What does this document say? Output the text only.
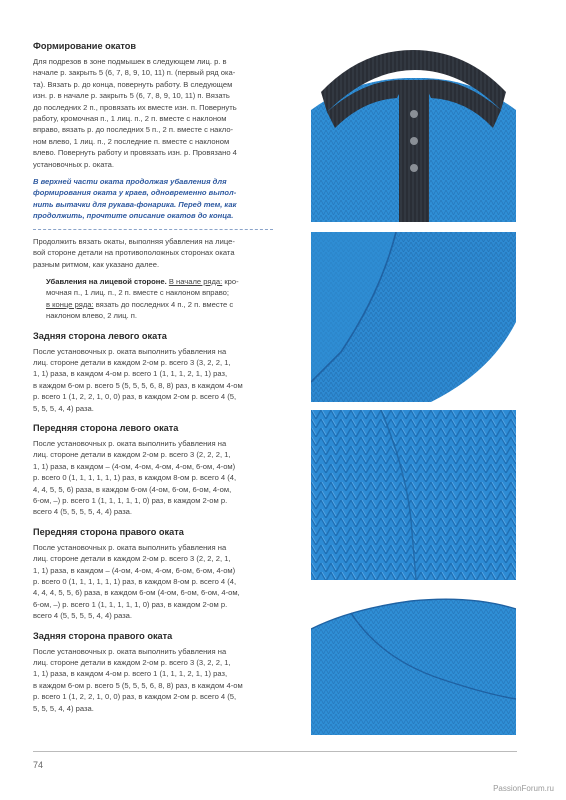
Формирование окатов

Для подрезов в зоне подмышек в следующем лиц. р. в
начале р. закрыть 5 (6, 7, 8, 9, 10, 11) п. (первый ряд ока-
та). Вязать р. до конца, повернуть работу. В следующем
изн. р. в начале р. закрыть 5 (6, 7, 8, 9, 10, 11) п. Вязать
до последних 2 п., провязать их вместе изн. п. Повернуть
работу, кромочная п., 1 лиц. п., 2 п. вместе с наклоном
вправо, вязать р. до последних 5 п., 2 п. вместе с накло-
ном влево, 1 лиц. п., 2 последние п. вместе с наклоном
влево. Повернуть работу и провязать изн. р. Провязано 4
установочных р. оката.

В верхней части оката продолжая убавления для
формирования оката у краев, одновременно выпол-
нить вытачки для рукава-фонарика. Перед тем, как
продолжить, прочтите описание окатов до конца.

Продолжить вязать окаты, выполняя убавления на лице-
вой стороне детали на противоположных сторонах оката
разным ритмом, как указано далее.

Убавления на лицевой стороне. В начале ряда: кро-
мочная п., 1 лиц. п., 2 п. вместе с наклоном вправо;
в конце ряда: вязать до последних 4 п., 2 п. вместе с
наклоном влево, 2 лиц. п.
Задняя сторона левого оката

После установочных р. оката выполнить убавления на
лиц. стороне детали в каждом 2-ом р. всего 3 (3, 2, 2, 1,
1, 1) раза, в каждом 4-ом р. всего 1 (1, 1, 1, 2, 1, 1) раз,
в каждом 6-ом р. всего 5 (5, 5, 5, 6, 8, 8) раз, в каждом 4-ом
р. всего 1 (1, 2, 2, 1, 0, 0) раз, в каждом 2-ом р. всего 4 (5,
5, 5, 5, 4, 4) раза.

Передняя сторона левого оката

После установочных р. оката выполнить убавления на
лиц. стороне детали в каждом 2-ом р. всего 3 (2, 2, 2, 1,
1, 1) раза, в каждом – (4-ом, 4-ом, 4-ом, 4-ом, 6-ом, 4-ом)
р. всего 0 (1, 1, 1, 1, 1, 1) раз, в каждом 8-ом р. всего 4 (4,
4, 4, 5, 5, 6) раза, в каждом 6-ом (4-ом, 6-ом, 6-ом, 4-ом,
6-ом, –) р. всего 1 (1, 1, 1, 1, 1, 0) раз, в каждом 2-ом р.
всего 4 (5, 5, 5, 5, 4, 4) раза.

Передняя сторона правого оката

После установочных р. оката выполнить убавления на
лиц. стороне детали в каждом 2-ом р. всего 3 (2, 2, 2, 1,
1, 1) раза, в каждом – (4-ом, 4-ом, 4-ом, 6-ом, 6-ом, 4-ом)
р. всего 0 (1, 1, 1, 1, 1, 1) раз, в каждом 8-ом р. всего 4 (4,
4, 4, 4, 5, 5, 6) раза, в каждом 6-ом (4-ом, 6-ом, 6-ом, 4-ом,
6-ом, –) р. всего 1 (1, 1, 1, 1, 1, 0) раз, в каждом 2-ом р.
всего 4 (5, 5, 5, 5, 4, 4) раза.

Задняя сторона правого оката

После установочных р. оката выполнить убавления на
лиц. стороне детали в каждом 2-ом р. всего 3 (3, 2, 2, 1,
1, 1) раза, в каждом 4-ом р. всего 1 (1, 1, 1, 2, 1, 1) раз,
в каждом 6-ом р. всего 5 (5, 5, 5, 6, 8, 8) раз, в каждом 4-ом
р. всего 1 (1, 2, 2, 1, 0, 0) раз, в каждом 2-ом р. всего 4 (5,
5, 5, 5, 4, 4) раза.

74
PassionForum.ru
